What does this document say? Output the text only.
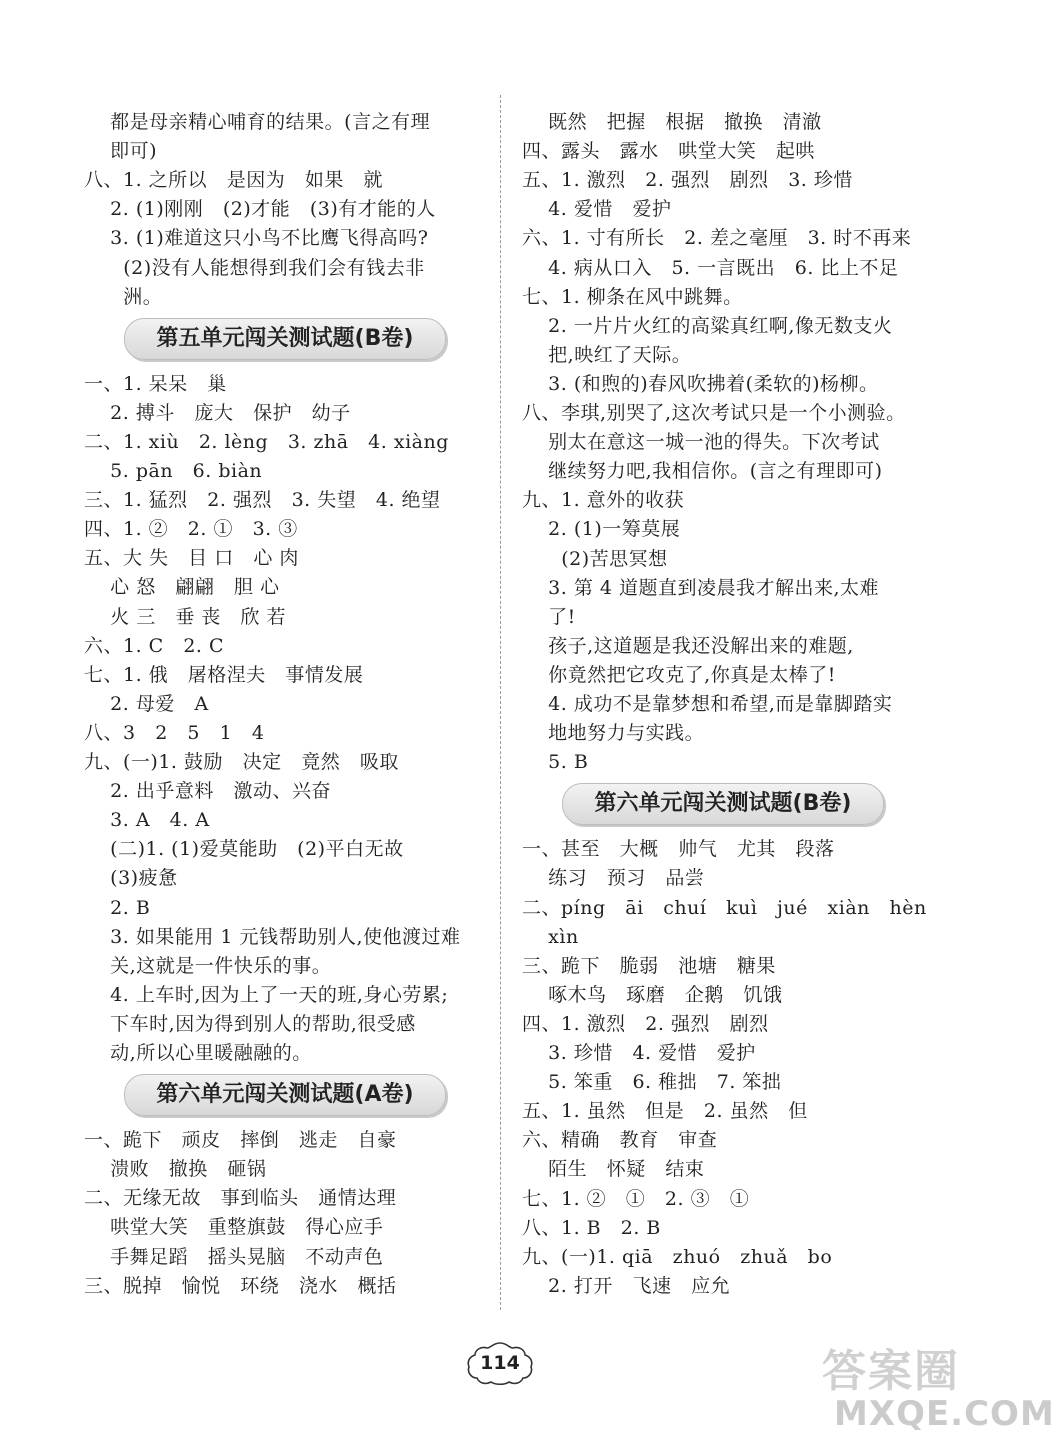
都是母亲精心哺育的结果。(言之有理
即可)
八、1. 之所以   是因为   如果   就
2. (1)刚刚   (2)才能   (3)有才能的人
3. (1)难道这只小鸟不比鹰飞得高吗?
(2)没有人能想得到我们会有钱去非
洲。
第五单元闯关测试题(B卷)
一、1. 呆呆   巢
2. 搏斗   庞大   保护   幼子
二、1. xiù   2. lèng   3. zhā   4. xiàng
5. pān   6. biàn
三、1. 猛烈   2. 强烈   3. 失望   4. 绝望
四、1. ②   2. ①   3. ③
五、大 失   目 口   心 肉
心 怒   翩翩   胆 心
火 三   垂 丧   欣 若
六、1. C   2. C
七、1. 俄   屠格涅夫   事情发展
2. 母爱   A
八、3   2   5   1   4
九、(一)1. 鼓励   决定   竟然   吸取
2. 出乎意料   激动、兴奋
3. A   4. A
(二)1. (1)爱莫能助   (2)平白无故
(3)疲惫
2. B
3. 如果能用 1 元钱帮助别人,使他渡过难
关,这就是一件快乐的事。
4. 上车时,因为上了一天的班,身心劳累;
下车时,因为得到别人的帮助,很受感
动,所以心里暖融融的。
第六单元闯关测试题(A卷)
一、跪下   顽皮   摔倒   逃走   自豪
溃败   撤换   砸锅
二、无缘无故   事到临头   通情达理
哄堂大笑   重整旗鼓   得心应手
手舞足蹈   摇头晃脑   不动声色
三、脱掉   愉悦   环绕   浇水   概括
既然   把握   根据   撤换   清澈
四、露头   露水   哄堂大笑   起哄
五、1. 激烈   2. 强烈   剧烈   3. 珍惜
4. 爱惜   爱护
六、1. 寸有所长   2. 差之毫厘   3. 时不再来
4. 病从口入   5. 一言既出   6. 比上不足
七、1. 柳条在风中跳舞。
2. 一片片火红的高粱真红啊,像无数支火
把,映红了天际。
3. (和煦的)春风吹拂着(柔软的)杨柳。
八、李琪,别哭了,这次考试只是一个小测验。
别太在意这一城一池的得失。下次考试
继续努力吧,我相信你。(言之有理即可)
九、1. 意外的收获
2. (1)一筹莫展
(2)苦思冥想
3. 第 4 道题直到凌晨我才解出来,太难
了!
孩子,这道题是我还没解出来的难题,
你竟然把它攻克了,你真是太棒了!
4. 成功不是靠梦想和希望,而是靠脚踏实
地地努力与实践。
5. B
第六单元闯关测试题(B卷)
一、甚至   大概   帅气   尤其   段落
练习   预习   品尝
二、píng   āi   chuí   kuì   jué   xiàn   hèn
xìn
三、跪下   脆弱   池塘   糖果
啄木鸟   琢磨   企鹅   饥饿
四、1. 激烈   2. 强烈   剧烈
3. 珍惜   4. 爱惜   爱护
5. 笨重   6. 稚拙   7. 笨拙
五、1. 虽然   但是   2. 虽然   但
六、精确   教育   审查
陌生   怀疑   结束
七、1. ②   ①   2. ③   ①
八、1. B   2. B
九、(一)1. qiā   zhuó   zhuǎ   bo
2. 打开   飞速   应允
114	答案圈
MXQE.COM
